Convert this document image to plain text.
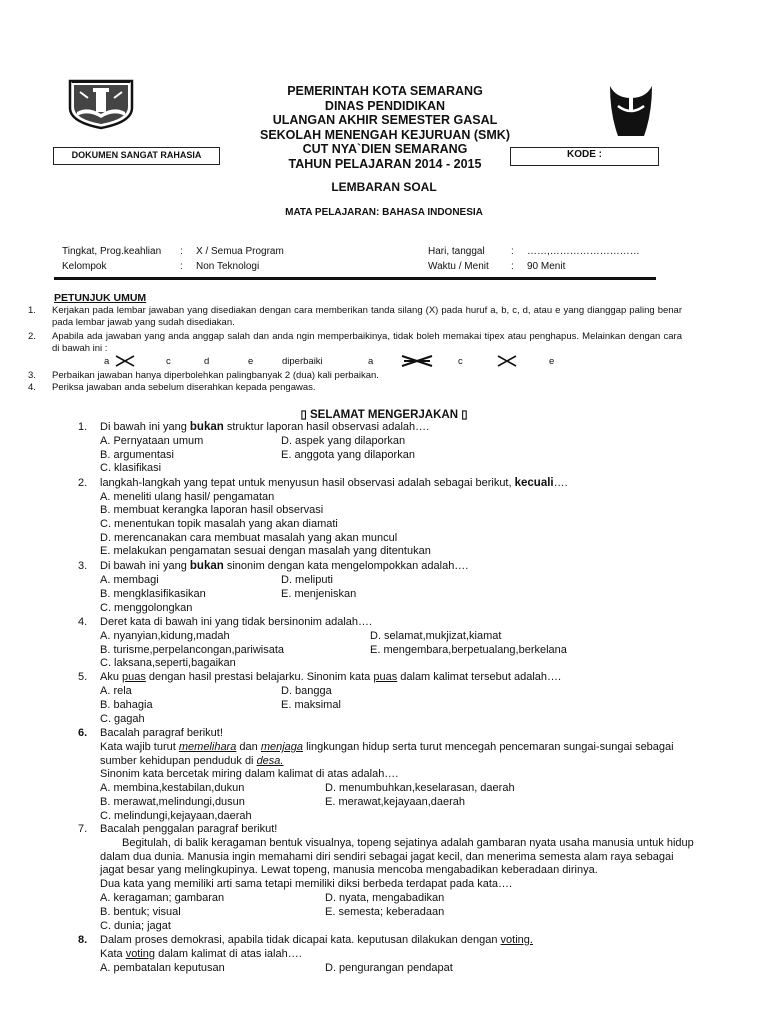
PEMERINTAH KOTA SEMARANG
DINAS PENDIDIKAN
ULANGAN AKHIR SEMESTER GASAL
SEKOLAH MENENGAH KEJURUAN (SMK)
CUT NYA`DIEN SEMARANG
TAHUN PELAJARAN 2014 - 2015
DOKUMEN SANGAT RAHASIA	KODE :
LEMBARAN SOAL
MATA PELAJARAN: BAHASA INDONESIA
Tingkat, Prog.keahlian : X / Semua Program
Kelompok	: Non Teknologi
Hari, tanggal	: ……,………………………
Waktu / Menit : 90 Menit
PETUNJUK UMUM
1. Kerjakan pada lembar jawaban yang disediakan dengan cara memberikan tanda silang (X) pada huruf a, b, c, d, atau e yang dianggap paling benar pada lembar jawab yang sudah disediakan.
2. Apabila ada jawaban yang anda anggap salah dan anda ngin memperbaikinya, tidak boleh memakai tipex atau penghapus. Melainkan dengan cara di bawah ini :
a	c	d	e	diperbaiki	a	c	e
3. Perbaikan jawaban hanya diperbolehkan palingbanyak 2 (dua) kali perbaikan.
4. Periksa jawaban anda sebelum diserahkan kepada pengawas.
▯ SELAMAT MENGERJAKAN ▯
1. Di bawah ini yang bukan struktur laporan hasil observasi adalah….
A. Pernyataan umum
B. argumentasi
C. klasifikasi
D. aspek yang dilaporkan
E. anggota yang dilaporkan
2. langkah-langkah yang tepat untuk menyusun hasil observasi adalah sebagai berikut, kecuali….
A. meneliti ulang hasil/ pengamatan
B. membuat kerangka laporan hasil observasi
C. menentukan topik masalah yang akan diamati
D. merencanakan cara membuat masalah yang akan muncul
E. melakukan pengamatan sesuai dengan masalah yang ditentukan
3. Di bawah ini yang bukan sinonim dengan kata mengelompokkan adalah….
A. membagi
B. mengklasifikasikan
C. menggolongkan
D. meliputi
E. menjeniskan
4. Deret kata di bawah ini yang tidak bersinonim adalah….
A. nyanyian,kidung,madah
B. turisme,perpelancongan,pariwisata
C. laksana,seperti,bagaikan
D. selamat,mukjizat,kiamat
E. mengembara,berpetualang,berkelana
5. Aku puas dengan hasil prestasi belajarku. Sinonim kata puas dalam kalimat tersebut adalah….
A. rela
B. bahagia
C. gagah
D. bangga
E. maksimal
6. Bacalah paragraf berikut!
Kata wajib turut memelihara dan menjaga lingkungan hidup serta turut mencegah pencemaran sungai-sungai sebagai
sumber kehidupan penduduk di desa.
Sinonim kata bercetak miring dalam kalimat di atas adalah….
A. membina,kestabilan,dukun
B. merawat,melindungi,dusun
C. melindungi,kejayaan,daerah
D. menumbuhkan,keselarasan, daerah
E. merawat,kejayaan,daerah
7. Bacalah penggalan paragraf berikut!
Begitulah, di balik keragaman bentuk visualnya, topeng sejatinya adalah gambaran nyata usaha manusia untuk hidup
dalam dua dunia. Manusia ingin memahami diri sendiri sebagai jagat kecil, dan menerima semesta alam raya sebagai
jagat besar yang melingkupinya. Lewat topeng, manusia mencoba mengabadikan keberadaan dirinya.
Dua kata yang memiliki arti sama tetapi memiliki diksi berbeda terdapat pada kata….
A. keragaman; gambaran
B. bentuk; visual
C. dunia; jagat
D. nyata, mengabadikan
E. semesta; keberadaan
8. Dalam proses demokrasi, apabila tidak dicapai kata. keputusan dilakukan dengan voting.
Kata voting dalam kalimat di atas ialah….
A. pembatalan keputusan	D. pengurangan pendapat
